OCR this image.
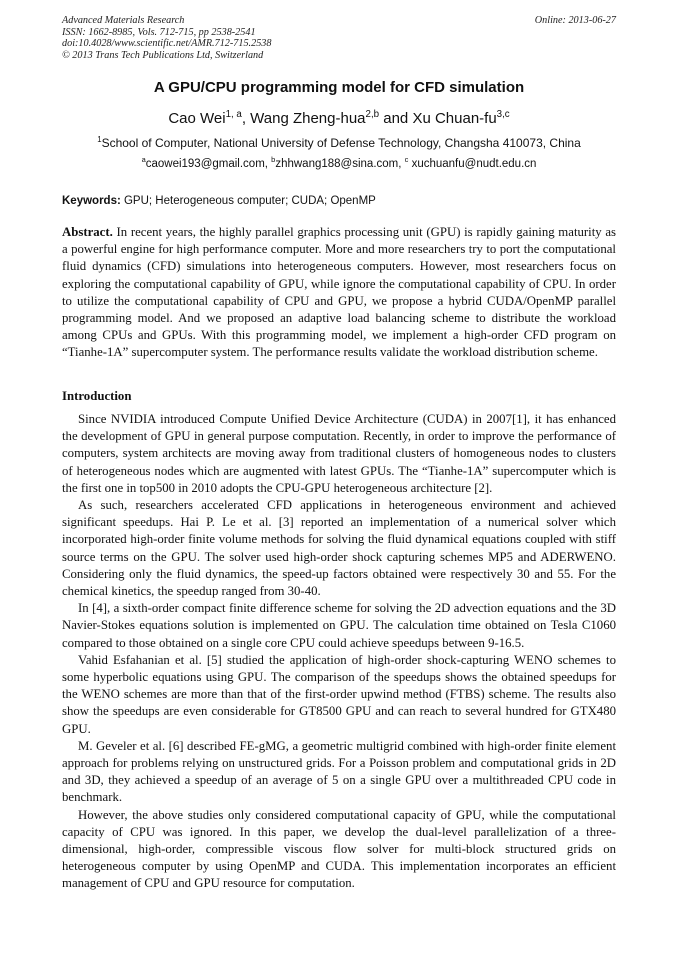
Advanced Materials Research
ISSN: 1662-8985, Vols. 712-715, pp 2538-2541
doi:10.4028/www.scientific.net/AMR.712-715.2538
© 2013 Trans Tech Publications Ltd, Switzerland
Online: 2013-06-27
A GPU/CPU programming model for CFD simulation
Cao Wei$^{1, a}$, Wang Zheng-hua$^{2,b}$ and Xu Chuan-fu$^{3,c}$
$^1$School of Computer, National University of Defense Technology, Changsha 410073, China
$^a$caowei193@gmail.com, $^b$zhhwang188@sina.com, $^c$ xuchuanfu@nudt.edu.cn
Keywords: GPU; Heterogeneous computer; CUDA; OpenMP
Abstract. In recent years, the highly parallel graphics processing unit (GPU) is rapidly gaining maturity as a powerful engine for high performance computer. More and more researchers try to port the computational fluid dynamics (CFD) simulations into heterogeneous computers. However, most researchers focus on exploring the computational capability of GPU, while ignore the computational capability of CPU. In order to utilize the computational capability of CPU and GPU, we propose a hybrid CUDA/OpenMP parallel programming model. And we proposed an adaptive load balancing scheme to distribute the workload among CPUs and GPUs. With this programming model, we implement a high-order CFD program on “Tianhe-1A” supercomputer system. The performance results validate the workload distribution scheme.
Introduction

Since NVIDIA introduced Compute Unified Device Architecture (CUDA) in 2007[1], it has enhanced the development of GPU in general purpose computation. Recently, in order to improve the performance of computers, system architects are moving away from traditional clusters of homogeneous nodes to clusters of heterogeneous nodes which are augmented with latest GPUs. The “Tianhe-1A” supercomputer which is the first one in top500 in 2010 adopts the CPU-GPU heterogeneous architecture [2].

As such, researchers accelerated CFD applications in heterogeneous environment and achieved significant speedups. Hai P. Le et al. [3] reported an implementation of a numerical solver which incorporated high-order finite volume methods for solving the fluid dynamical equations coupled with stiff source terms on the GPU. The solver used high-order shock capturing schemes MP5 and ADERWENO. Considering only the fluid dynamics, the speed-up factors obtained were respectively 30 and 55. For the chemical kinetics, the speedup ranged from 30-40.

In [4], a sixth-order compact finite difference scheme for solving the 2D advection equations and the 3D Navier-Stokes equations solution is implemented on GPU. The calculation time obtained on Tesla C1060 compared to those obtained on a single core CPU could achieve speedups between 9-16.5.

Vahid Esfahanian et al. [5] studied the application of high-order shock-capturing WENO schemes to some hyperbolic equations using GPU. The comparison of the speedups shows the obtained speedups for the WENO schemes are more than that of the first-order upwind method (FTBS) scheme. The results also show the speedups are even considerable for GT8500 GPU and can reach to several hundred for GTX480 GPU.

M. Geveler et al. [6] described FE-gMG, a geometric multigrid combined with high-order finite element approach for problems relying on unstructured grids. For a Poisson problem and computational grids in 2D and 3D, they achieved a speedup of an average of 5 on a single GPU over a multithreaded CPU code in benchmark.

However, the above studies only considered computational capacity of GPU, while the computational capacity of CPU was ignored. In this paper, we develop the dual-level parallelization of a three-dimensional, high-order, compressible viscous flow solver for multi-block structured grids on heterogeneous computer by using OpenMP and CUDA. This implementation incorporates an efficient management of CPU and GPU resource for computation.
